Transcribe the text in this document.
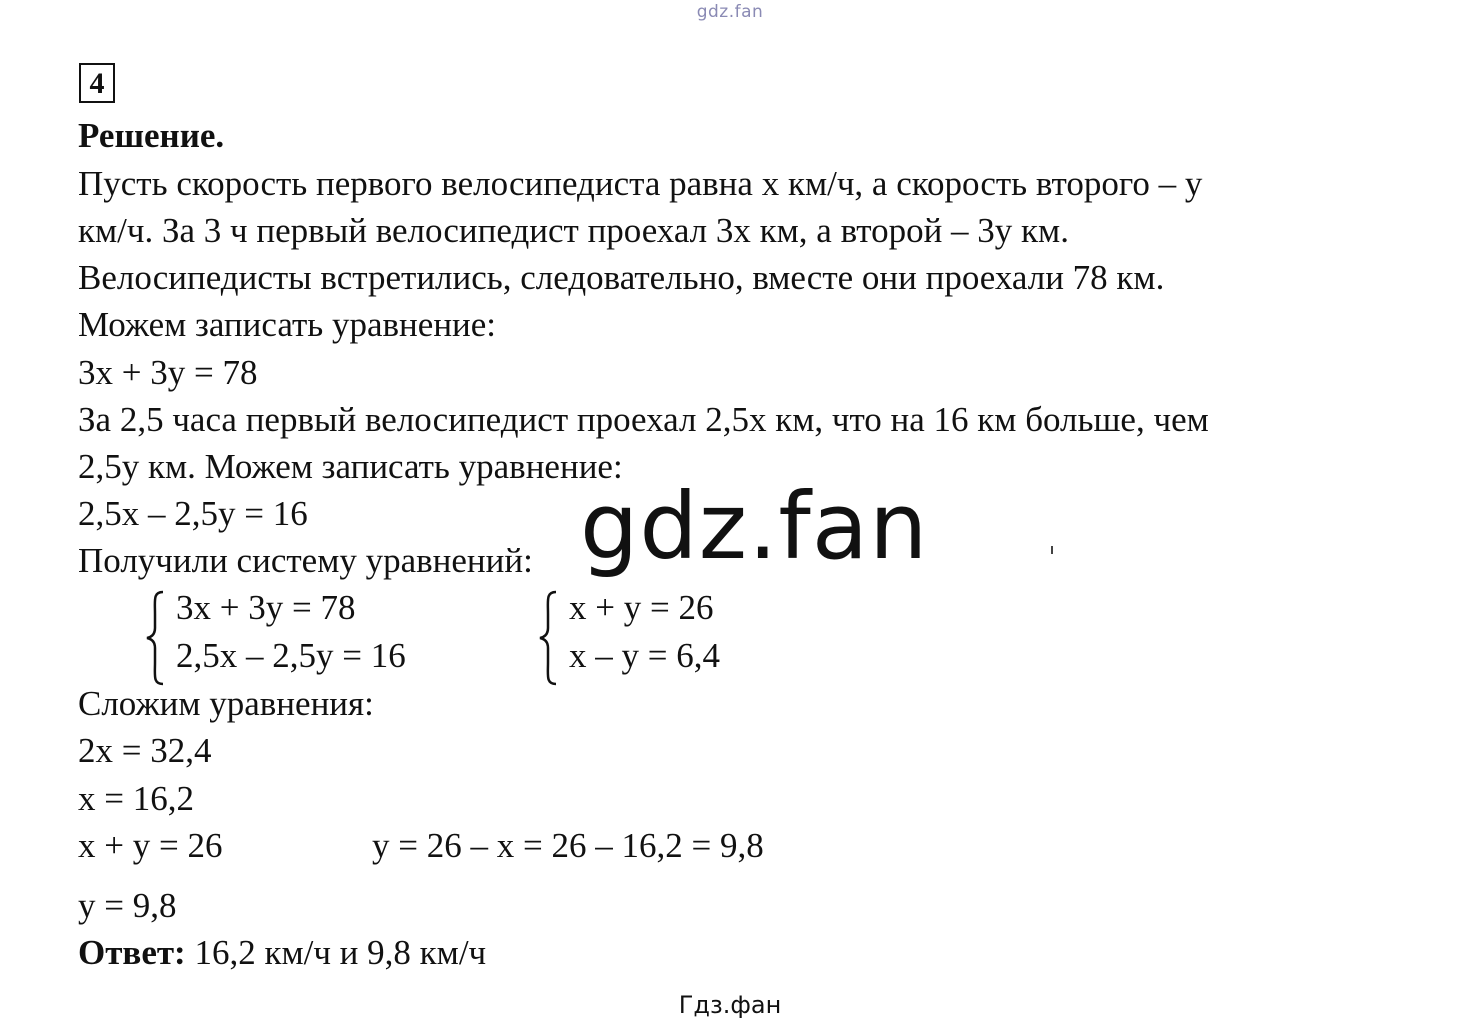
gdz.fan
4
Решение.
Пусть скорость первого велосипедиста равна x км/ч, а скорость второго – y
км/ч. За 3 ч первый велосипедист проехал 3x км, а второй – 3y км.
Велосипедисты встретились, следовательно, вместе они проехали 78 км.
Можем записать уравнение:
3x + 3y = 78
За 2,5 часа первый велосипедист проехал 2,5x км, что на 16 км больше, чем
2,5y км. Можем записать уравнение:
2,5x – 2,5y = 16
Получили систему уравнений:
3x + 3y = 78
2,5x – 2,5y = 16
x + y = 26
x – y = 6,4
Сложим уравнения:
2x = 32,4
x = 16,2
x + y = 26	y = 26 – x = 26 – 16,2 = 9,8
y = 9,8
Ответ: 16,2 км/ч и 9,8 км/ч
gdz.fan
Гдз.фан
